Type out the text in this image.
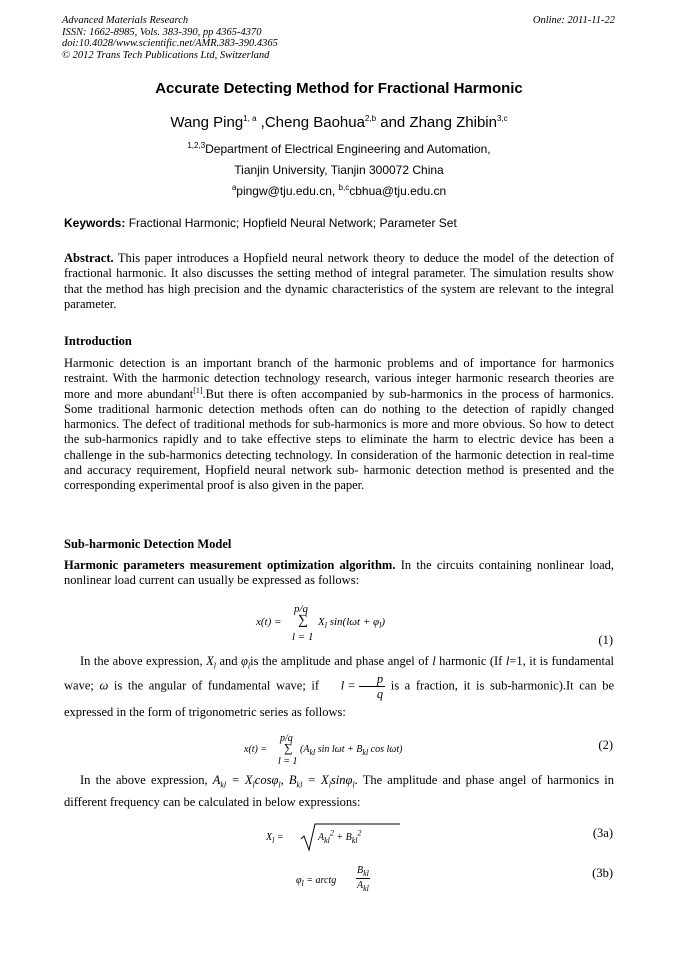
Advanced Materials Research
ISSN: 1662-8985, Vols. 383-390, pp 4365-4370
doi:10.4028/www.scientific.net/AMR.383-390.4365
© 2012 Trans Tech Publications Ltd, Switzerland
Online: 2011-11-22
Accurate Detecting Method for Fractional Harmonic
Wang Ping$^{1, a}$ ,Cheng Baohua$^{2,b}$ and Zhang Zhibin$^{3,c}$
$^{1,2,3}$Department of Electrical Engineering and Automation,
Tianjin University, Tianjin 300072 China
$^a$pingw@tju.edu.cn, $^{b,c}$cbhua@tju.edu.cn
Keywords: Fractional Harmonic; Hopfield Neural Network; Parameter Set
Abstract. This paper introduces a Hopfield neural network theory to deduce the model of the detection of fractional harmonic. It also discusses the setting method of integral parameter. The simulation results show that the method has high precision and the dynamic characteristics of the system are relevant to the integral parameter.
Introduction
Harmonic detection is an important branch of the harmonic problems and of importance for harmonics restraint. With the harmonic detection technology research, various integer harmonic research theories are more and more abundant[1].But there is often accompanied by sub-harmonics in the process of harmonics. Some traditional harmonic detection methods often can do nothing to the detection of rapidly changed harmonics. The defect of traditional methods for sub-harmonics is more and more obvious. So how to detect the sub-harmonics rapidly and to take effective steps to eliminate the harm to electric device has been a challenge in the sub-harmonics detecting technology. In consideration of the harmonic detection in real-time and accuracy requirement, Hopfield neural network sub- harmonic detection method is presented and the corresponding experimental proof is also given in the paper.
Sub-harmonic Detection Model
Harmonic parameters measurement optimization algorithm. In the circuits containing nonlinear load, nonlinear load current can usually be expressed as follows:
x(t) =
p/q
∑
l = 1
$X_l$ $\sin(l\omega t + \varphi_l)$
(1)
In the above expression, $X_l$ and $\varphi_lis$ the amplitude and phase angel of l harmonic (If l=1, it is fundamental wave; ω is the angular of fundamental wave; if $l = \frac{p}{q}$ is a fraction, it is sub-harmonic).It can be expressed in the form of trigonometric series as follows:
x(t) =
p/q
∑
l = 1
($A_{kl}$ $\sin l\omega t + B_{kl}$ cos lωt)	(2)
In the above expression, $A_{kl} = X_l\cos\varphi_l$, $B_{kl} = X_l\sin\varphi_l$. The amplitude and phase angel of harmonics in different frequency can be calculated in below expressions:
$X_l$ =	$A_{kl}^2 + B_{kl}^2$	(3a)
$\varphi_l$ = arctg
$B_{kl}$
$A_{kl}$
(3b)
